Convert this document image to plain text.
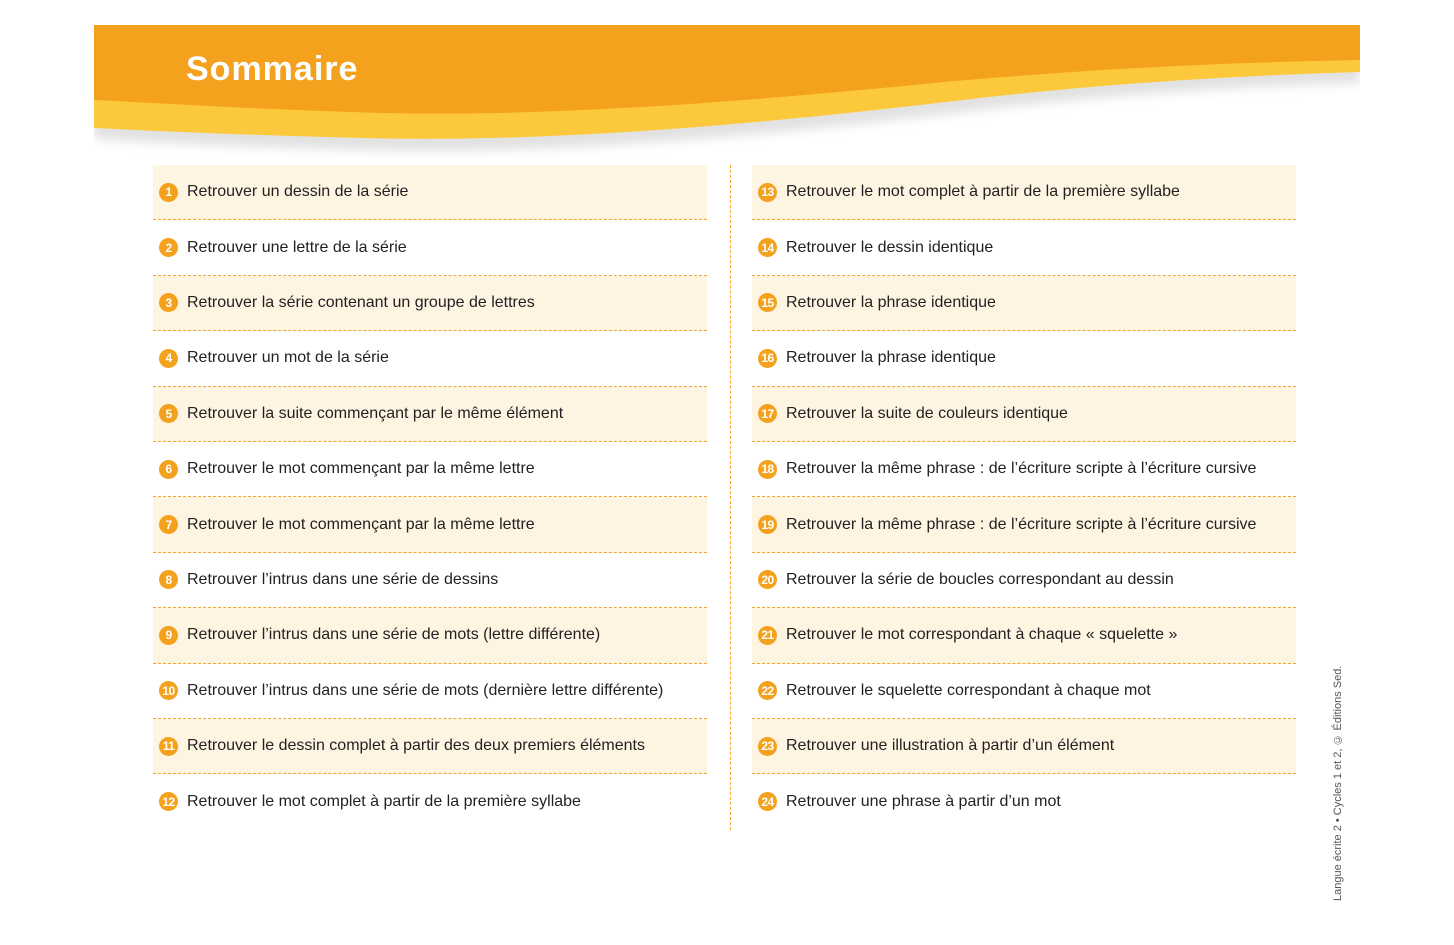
Sommaire
1 Retrouver un dessin de la série
2 Retrouver une lettre de la série
3 Retrouver la série contenant un groupe de lettres
4 Retrouver un mot de la série
5 Retrouver la suite commençant par le même élément
6 Retrouver le mot commençant par la même lettre
7 Retrouver le mot commençant par la même lettre
8 Retrouver l’intrus dans une série de dessins
9 Retrouver l’intrus dans une série de mots (lettre différente)
10 Retrouver l’intrus dans une série de mots (dernière lettre différente)
11 Retrouver le dessin complet à partir des deux premiers éléments
12 Retrouver le mot complet à partir de la première syllabe
13 Retrouver le mot complet à partir de la première syllabe
14 Retrouver le dessin identique
15 Retrouver la phrase identique
16 Retrouver la phrase identique
17 Retrouver la suite de couleurs identique
18 Retrouver la même phrase : de l’écriture scripte à l’écriture cursive
19 Retrouver la même phrase : de l’écriture scripte à l’écriture cursive
20 Retrouver la série de boucles correspondant au dessin
21 Retrouver le mot correspondant à chaque « squelette »
22 Retrouver le squelette correspondant à chaque mot
23 Retrouver une illustration à partir d’un élément
24 Retrouver une phrase à partir d’un mot	Langue écrite 2 • Cycles 1 et 2, © Éditions Sed.
